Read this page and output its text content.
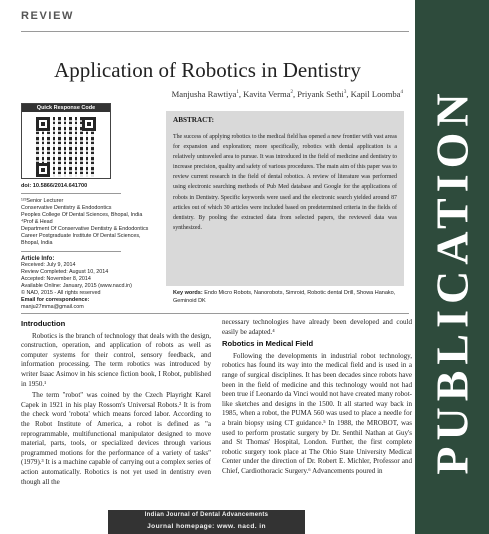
REVIEW
Application of Robotics in Dentistry
Manjusha Rawtiya$^1$, Kavita Verma$^2$, Priyank Sethi$^3$, Kapil Loomba$^4$
Quick Response Code
doi: 10.5866/2014.641700
¹²³Senior Lecturer
Conservative Dentistry & Endodontics
Peoples College Of Dental Sciences, Bhopal, India
⁴Prof & Head
Department Of Conservative Dentistry & Endodontics
Career Postgraduate Institute Of Dental Sciences,
Bhopal, India
Article Info:
Received: July 9, 2014
Review Completed: August 10, 2014
Accepted: November 8, 2014
Available Online: January, 2015 (www.nacd.in)
© NAD, 2015 - All rights reserved
ABSTRACT:
The success of applying robotics to the medical field has opened a new frontier with vast areas for expansion and exploration; more specifically, robotics with dental application is a relatively untraveled area to pursue. It was introduced in the field of medicine and dentistry to increase precision, quality and safety of various procedures. The main aim of this paper was to review current research in the field of dental robotics. A review of literature was performed using electronic searching methods of Pub Med database and Google for the applications of robots in Dentistry. Specific keywords were used and the electronic search yielded around 87 articles out of which 30 articles were included based on predetermined criteria in the fields of dentistry. By pooling the extracted data from selected papers, the reviewed data was synthesized.
Key words: Endo Micro Robots, Nanorobots, Simroid, Robotic dental Drill, Showa Hanako, Geminoid DK
Email for correspondence:
manju27mma@gmail.com
Introduction

Robotics is the branch of technology that deals with the design, construction, operation, and application of robots as well as computer systems for their control, sensory feedback, and information processing. The term robotics was introduced by writer Isaac Asimov in his science fiction book, I Robot, published in 1950.¹

The term "robot" was coined by the Czech Playright Karel Capek in 1921 in his play Rossom's Universal Robots.² It is from the check word 'robota' which means forced labor. According to the Robot Institute of America, a robot is defined as "a reprogrammable, multifunctional manipulator designed to move material, parts, tools, or specialized devices through various programmed motions for the performance of a variety of tasks" (1979).³ It is a machine capable of carrying out a complex series of action automatically. Robotics is not yet used in dentistry even though all the

necessary technologies have already been developed and could easily be adapted.⁴

Robotics in Medical Field

Following the developments in industrial robot technology, robotics has found its way into the medical field and is used in a range of surgical disciplines. It has been decades since robots have been in the field of medicine and this technology would not had been true if Leonardo da Vinci would not have created many robot-like sketches and designs in the 1500. It all started way back in 1985, when a robot, the PUMA 560 was used to place a needle for a brain biopsy using CT guidance.⁵ In 1988, the MROBOT, was used to perform prostatic surgery by Dr. Senthil Nathan at Guy's and St Thomas' Hospital, London. Further, the first complete robotic surgery took place at The Ohio State University Medical Center under the direction of Dr. Robert E. Michler, Professor and Chief, Cardiothoracic Surgery.⁶ Advancements poured in

Indian Journal of Dental Advancements
Journal homepage: www. nacd. in
PUBLICATION
